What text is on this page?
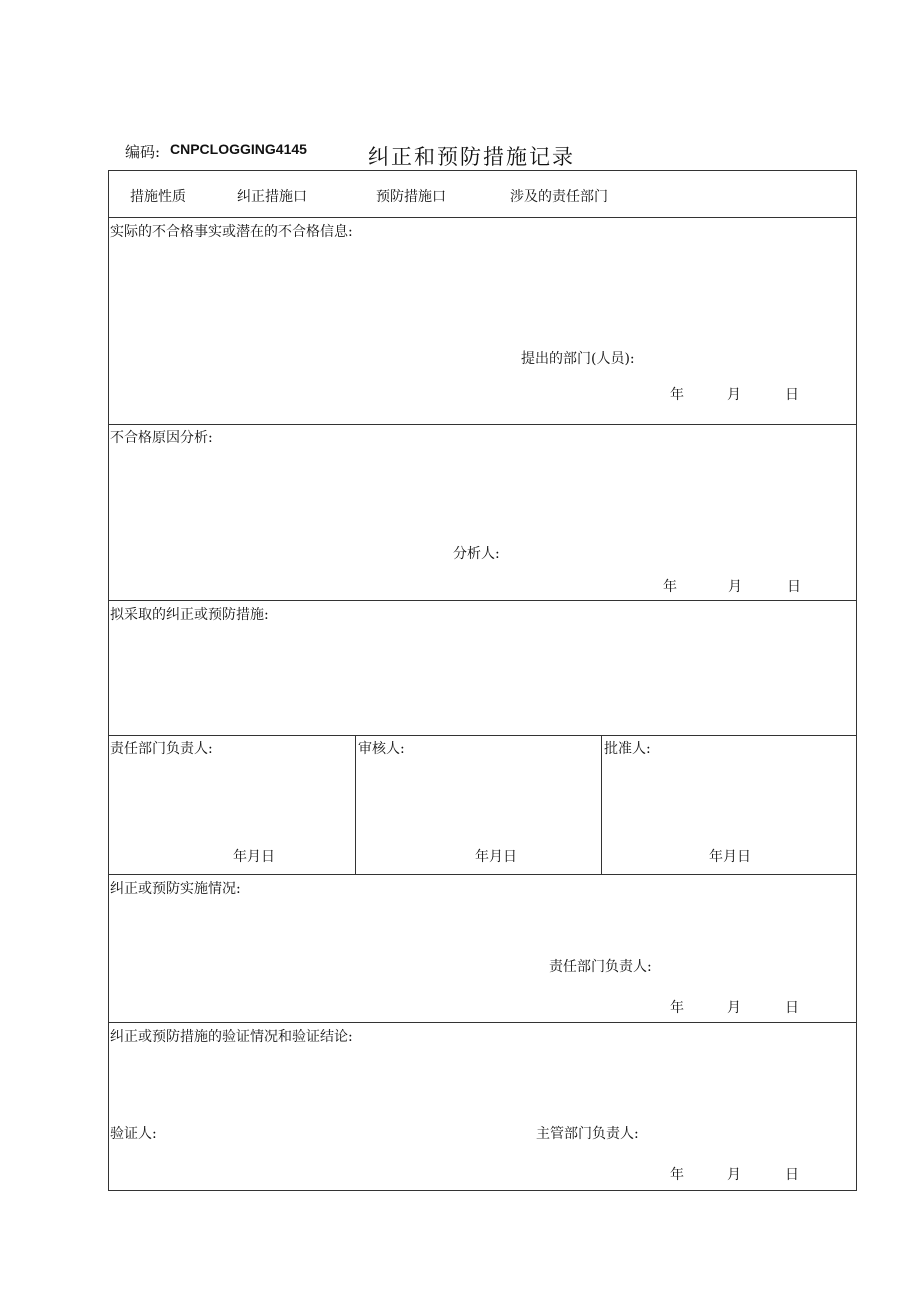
编码: CNPCLOGGING4145	纠正和预防措施记录
措施性质	纠正措施口	预防措施口	涉及的责任部门
实际的不合格事实或潜在的不合格信息:
提出的部门(人员):
年	月	日
不合格原因分析:
分析人:
年	月	日
拟采取的纠正或预防措施:
责任部门负责人:	审核人:	批准人:
年月日	年月日	年月日
纠正或预防实施情况:
责任部门负责人:
年	月	日
纠正或预防措施的验证情况和验证结论:
验证人:	主管部门负责人:
年	月	日
